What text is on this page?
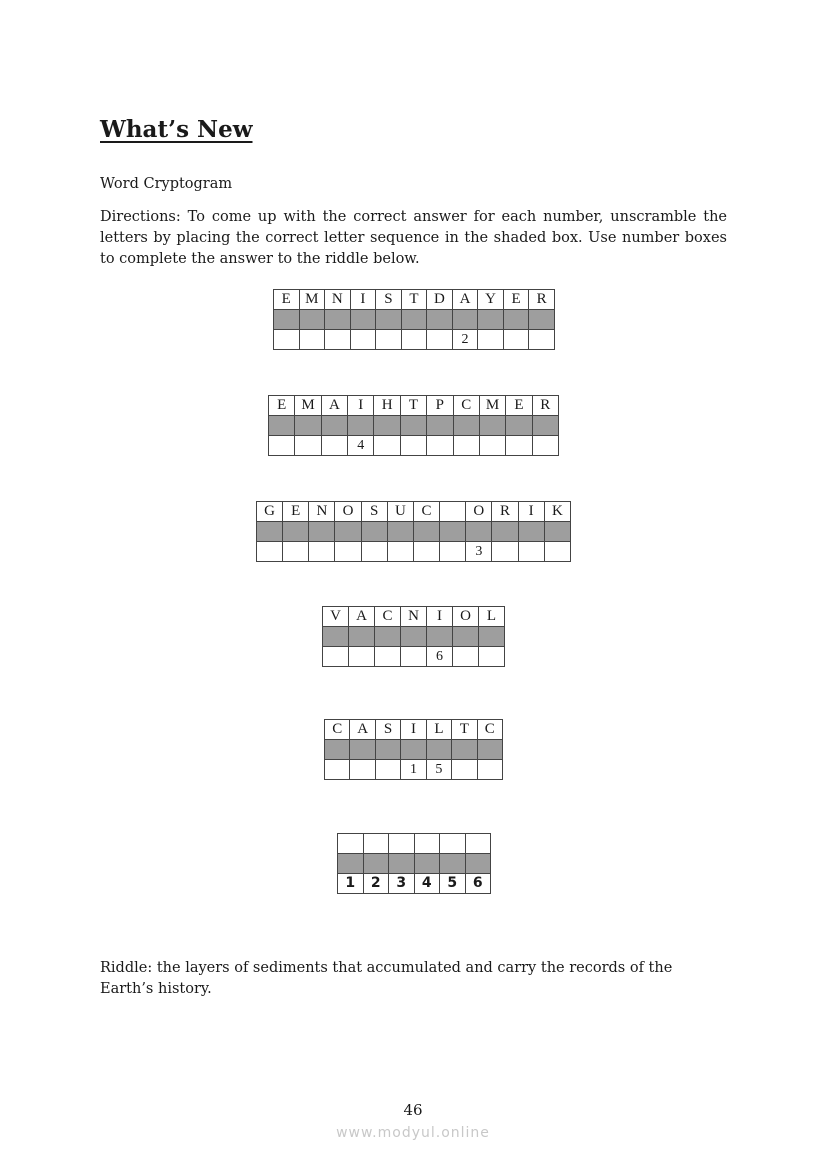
What’s New

Word Cryptogram

Directions: To come up with the correct answer for each number, unscramble the letters by placing the correct letter sequence in the shaded box. Use number boxes to complete the answer to the riddle below.

E	M	N	I	S	T	D	A	Y	E	R

							2			
E	M	A	I	H	T	P	C	M	E	R

			4							
G	E	N	O	S	U	C		O	R	I	K

								3			
V	A	C	N	I	O	L

				6		
C	A	S	I	L	T	C

			1	5		

1	2	3	4	5	6

Riddle: the layers of sediments that accumulated and carry the records of the Earth’s history.

46

www.modyul.online
